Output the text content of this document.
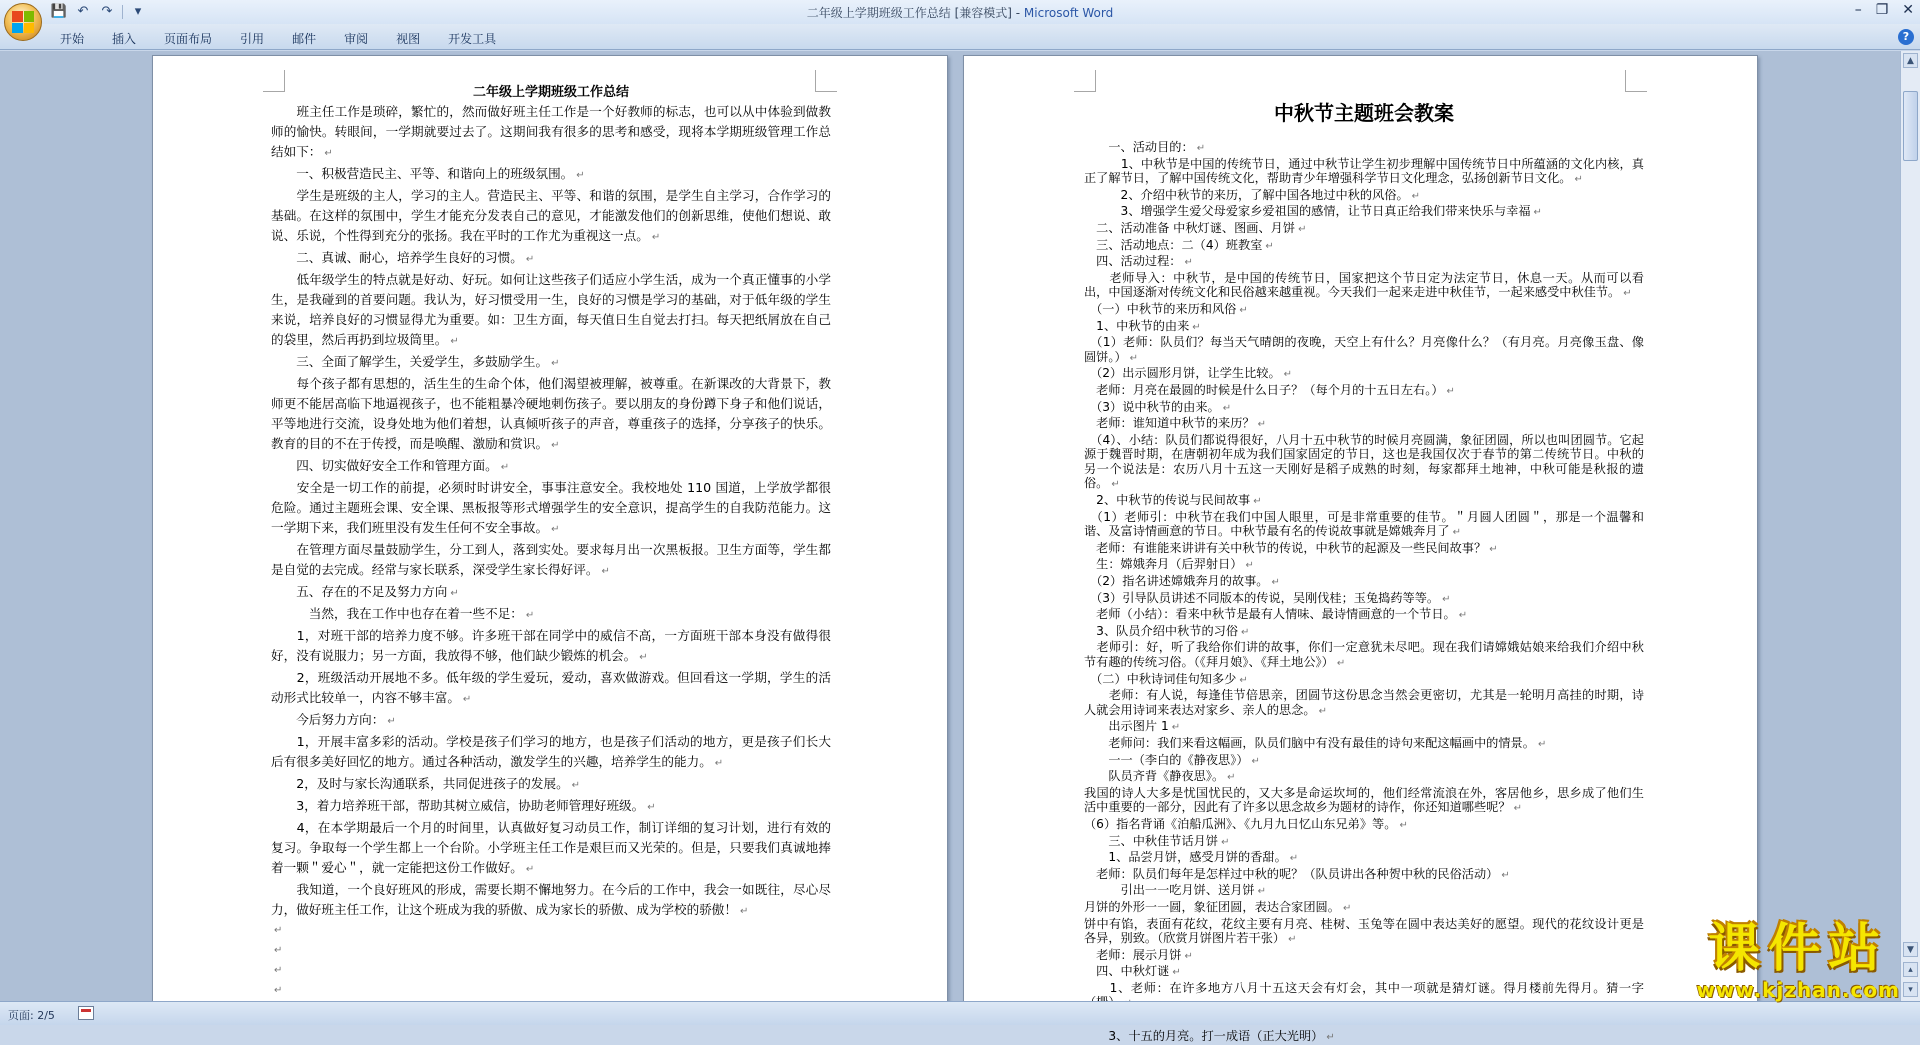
💾 ↶ ↷	▾	二年级上学期班级工作总结 [兼容模式] - Microsoft Word	– ❐ ✕
开始	插入	页面布局	引用	邮件	审阅	视图	开发工具	?
二年级上学期班级工作总结

　　班主任工作是琐碎，繁忙的，然而做好班主任工作是一个好教师的标志，也可以从中体验到做教师的愉快。转眼间，一学期就要过去了。这期间我有很多的思考和感受，现将本学期班级管理工作总结如下： ↵

　　一、积极营造民主、平等、和谐向上的班级氛围。 ↵

　　学生是班级的主人，学习的主人。营造民主、平等、和谐的氛围，是学生自主学习，合作学习的基础。在这样的氛围中，学生才能充分发表自己的意见，才能激发他们的创新思维，使他们想说、敢说、乐说，个性得到充分的张扬。我在平时的工作尤为重视这一点。 ↵

　　二、真诚、耐心，培养学生良好的习惯。 ↵

　　低年级学生的特点就是好动、好玩。如何让这些孩子们适应小学生活，成为一个真正懂事的小学生，是我碰到的首要问题。我认为，好习惯受用一生，良好的习惯是学习的基础，对于低年级的学生来说，培养良好的习惯显得尤为重要。如：卫生方面，每天值日生自觉去打扫。每天把纸屑放在自己的袋里，然后再扔到垃圾筒里。 ↵

　　三、全面了解学生，关爱学生，多鼓励学生。 ↵

　　每个孩子都有思想的，活生生的生命个体，他们渴望被理解，被尊重。在新课改的大背景下，教师更不能居高临下地逼视孩子，也不能粗暴冷硬地刺伤孩子。要以朋友的身份蹲下身子和他们说话，平等地进行交流，设身处地为他们着想，认真倾听孩子的声音，尊重孩子的选择，分享孩子的快乐。教育的目的不在于传授，而是唤醒、激励和赏识。 ↵

　　四、切实做好安全工作和管理方面。 ↵

　　安全是一切工作的前提，必须时时讲安全，事事注意安全。我校地处 110 国道，上学放学都很危险。通过主题班会课、安全课、黑板报等形式增强学生的安全意识，提高学生的自我防范能力。这一学期下来，我们班里没有发生任何不安全事故。 ↵

　　在管理方面尽量鼓励学生，分工到人，落到实处。要求每月出一次黑板报。卫生方面等，学生都是自觉的去完成。经常与家长联系，深受学生家长得好评。 ↵

　　五、存在的不足及努力方向 ↵

　　　当然，我在工作中也存在着一些不足： ↵

　　1，对班干部的培养力度不够。许多班干部在同学中的威信不高，一方面班干部本身没有做得很好，没有说服力；另一方面，我放得不够，他们缺少锻炼的机会。 ↵

　　2，班级活动开展地不多。低年级的学生爱玩，爱动，喜欢做游戏。但回看这一学期，学生的活动形式比较单一，内容不够丰富。 ↵

　　今后努力方向： ↵

　　1，开展丰富多彩的活动。学校是孩子们学习的地方，也是孩子们活动的地方，更是孩子们长大后有很多美好回忆的地方。通过各种活动，激发学生的兴趣，培养学生的能力。 ↵

　　2，及时与家长沟通联系，共同促进孩子的发展。 ↵

　　3，着力培养班干部，帮助其树立威信，协助老师管理好班级。 ↵

　　4，在本学期最后一个月的时间里，认真做好复习动员工作，制订详细的复习计划，进行有效的复习。争取每一个学生都上一个台阶。小学班主任工作是艰巨而又光荣的。但是，只要我们真诚地捧着一颗＂爱心＂，就一定能把这份工作做好。 ↵

　　我知道，一个良好班风的形成，需要长期不懈地努力。在今后的工作中，我会一如既往，尽心尽力，做好班主任工作，让这个班成为我的骄傲、成为家长的骄傲、成为学校的骄傲！ ↵

↵
↵
↵
↵
中秋节主题班会教案

　　一、活动目的： ↵

　　　1、中秋节是中国的传统节日，通过中秋节让学生初步理解中国传统节日中所蕴涵的文化内核，真正了解节日，了解中国传统文化，帮助青少年增强科学节日文化理念，弘扬创新节日文化。 ↵

　　　2、介绍中秋节的来历，了解中国各地过中秋的风俗。 ↵

　　　3、增强学生爱父母爱家乡爱祖国的感情，让节日真正给我们带来快乐与幸福 ↵

　二、活动准备 中秋灯谜、图画、月饼 ↵

　三、活动地点：二（4）班教室 ↵

　四、活动过程： ↵

　　老师导入：中秋节，是中国的传统节日，国家把这个节日定为法定节日，休息一天。从而可以看出，中国逐渐对传统文化和民俗越来越重视。今天我们一起来走进中秋佳节，一起来感受中秋佳节。 ↵

　（一）中秋节的来历和风俗 ↵

　1、中秋节的由来 ↵

　（1）老师：队员们？每当天气晴朗的夜晚，天空上有什么？月亮像什么？（有月亮。月亮像玉盘、像圆饼。） ↵

　（2）出示圆形月饼，让学生比较。 ↵

　老师：月亮在最圆的时候是什么日子？（每个月的十五日左右。） ↵

　（3）说中秋节的由来。 ↵

　老师：谁知道中秋节的来历？ ↵

　（4）、小结：队员们都说得很好，八月十五中秋节的时候月亮圆满，象征团圆，所以也叫团圆节。它起源于魏晋时期，在唐朝初年成为我们国家固定的节日，这也是我国仅次于春节的第二传统节日。中秋的另一个说法是：农历八月十五这一天刚好是稻子成熟的时刻，每家都拜土地神，中秋可能是秋报的遗俗。 ↵

　2、中秋节的传说与民间故事 ↵

　（1）老师引：中秋节在我们中国人眼里，可是非常重要的佳节。＂月圆人团圆＂，那是一个温馨和谐、及富诗情画意的节日。中秋节最有名的传说故事就是嫦娥奔月了 ↵

　老师：有谁能来讲讲有关中秋节的传说，中秋节的起源及一些民间故事？ ↵

　生：嫦娥奔月（后羿射日） ↵

　（2）指名讲述嫦娥奔月的故事。 ↵

　（3）引导队员讲述不同版本的传说，吴刚伐桂；玉兔捣药等等。 ↵

　老师（小结）：看来中秋节是最有人情味、最诗情画意的一个节日。 ↵

　3、队员介绍中秋节的习俗 ↵

　老师引：好，听了我给你们讲的故事，你们一定意犹未尽吧。现在我们请嫦娥姑娘来给我们介绍中秋节有趣的传统习俗。（《拜月娘》、《拜土地公》） ↵

　（二）中秋诗词佳句知多少 ↵

　　老师：有人说，每逢佳节倍思亲，团圆节这份思念当然会更密切，尤其是一轮明月高挂的时期，诗人就会用诗词来表达对家乡、亲人的思念。 ↵

　　出示图片 1 ↵

　　老师问：我们来看这幅画，队员们脑中有没有最佳的诗句来配这幅画中的情景。 ↵

　　一一（李白的《静夜思》） ↵

　　队员齐背《静夜思》。 ↵

我国的诗人大多是忧国忧民的，又大多是命运坎坷的，他们经常流浪在外，客居他乡，思乡成了他们生活中重要的一部分，因此有了许多以思念故乡为题材的诗作，你还知道哪些呢？ ↵

（6）指名背诵《泊船瓜洲》、《九月九日忆山东兄弟》等。 ↵

　　三、中秋佳节话月饼 ↵

　　1、品尝月饼，感受月饼的香甜。 ↵

　老师：队员们每年是怎样过中秋的呢？（队员讲出各种贺中秋的民俗活动） ↵

　　　引出一一吃月饼、送月饼 ↵

月饼的外形一一圆，象征团圆，表达合家团圆。 ↵

饼中有馅，表面有花纹，花纹主要有月亮、桂树、玉兔等在圆中表达美好的愿望。现代的花纹设计更是各异，别致。（欣赏月饼图片若干张） ↵

　老师：展示月饼 ↵

　四、中秋灯谜 ↵

　　1、老师：在许多地方八月十五这天会有灯会，其中一项就是猜灯谜。得月楼前先得月。猜一字

　　3、十五的月亮。打一成语（正大光明） ↵

▲
▼
▴
▾
页面: 2/5
课件站
www.kjzhan.com
